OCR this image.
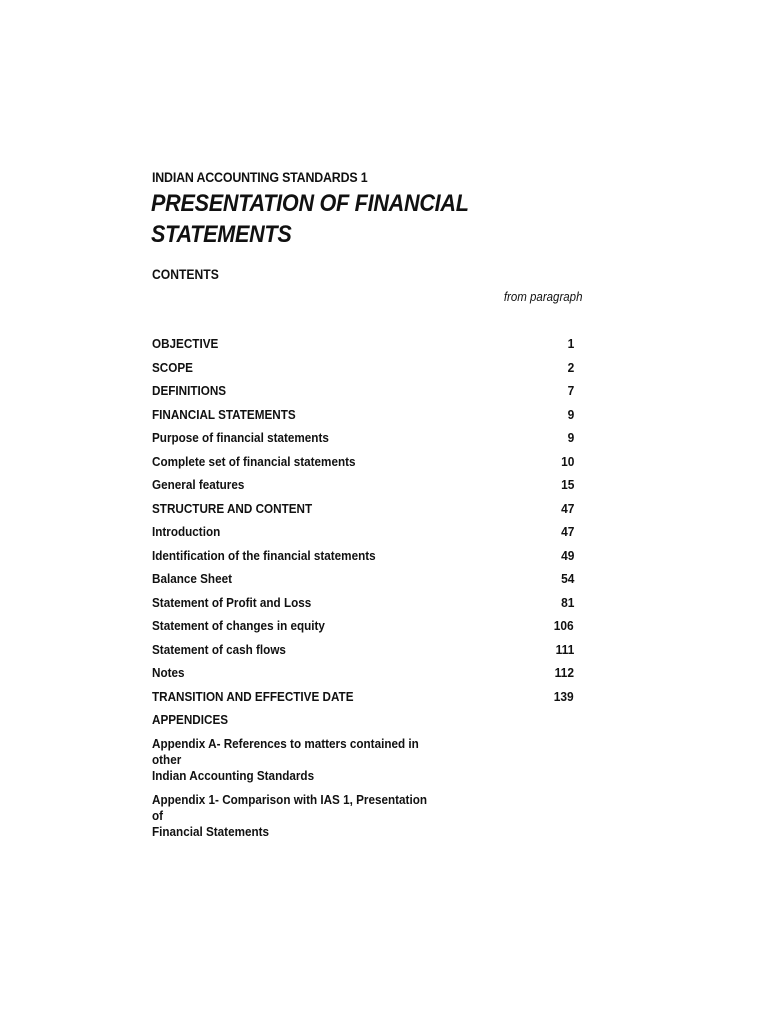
INDIAN ACCOUNTING STANDARDS 1
PRESENTATION OF FINANCIAL
STATEMENTS
CONTENTS
from paragraph
OBJECTIVE	1
SCOPE	2
DEFINITIONS	7
FINANCIAL STATEMENTS	9
Purpose of financial statements	9
Complete set of financial statements	10
General features	15
STRUCTURE AND CONTENT	47
Introduction	47
Identification of the financial statements	49
Balance Sheet	54
Statement of Profit and Loss	81
Statement of changes in equity	106
Statement of cash flows	111
Notes	112
TRANSITION AND EFFECTIVE DATE	139
APPENDICES
Appendix A- References to matters contained in other
Indian Accounting Standards
Appendix 1- Comparison with IAS 1, Presentation of
Financial Statements
